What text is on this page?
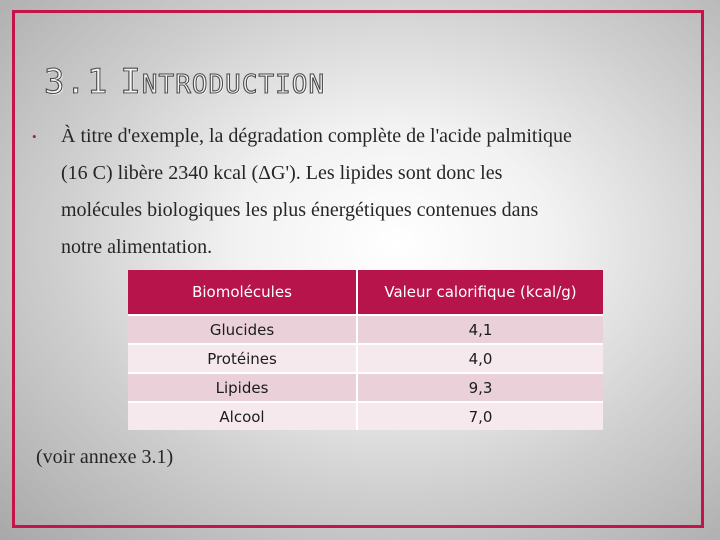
3.1 INTRODUCTION
• À titre d'exemple, la dégradation complète de l'acide palmitique
(16 C) libère 2340 kcal (ΔG'). Les lipides sont donc les
molécules biologiques les plus énergétiques contenues dans
notre alimentation.
Biomolécules	Valeur calorifique (kcal/g)
Glucides	4,1
Protéines	4,0
Lipides	9,3
Alcool	7,0
(voir annexe 3.1)
